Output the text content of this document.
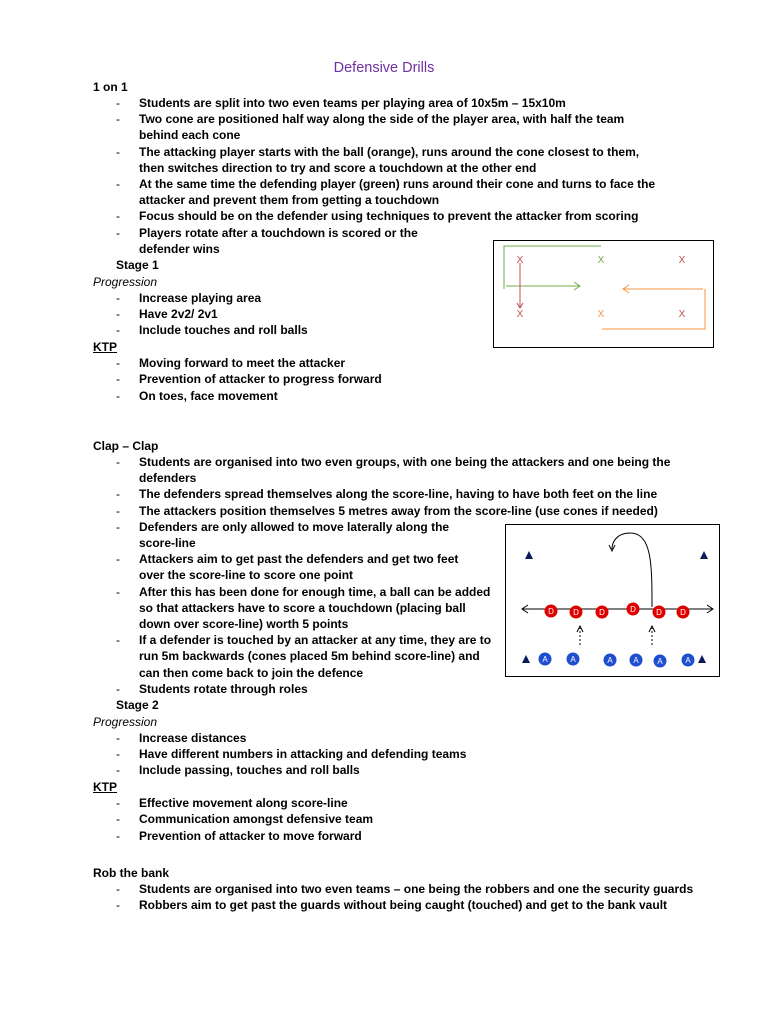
Defensive Drills
1 on 1
- Students are split into two even teams per playing area of 10x5m – 15x10m
- Two cone are positioned half way along the side of the player area, with half the team behind each cone
- The attacking player starts with the ball (orange), runs around the cone closest to them, then switches direction to try and score a touchdown at the other end
- At the same time the defending player (green) runs around their cone and turns to face the attacker and prevent them from getting a touchdown
- Focus should be on the defender using techniques to prevent the attacker from scoring
- Players rotate after a touchdown is scored or the defender wins
Stage 1
Progression
- Increase playing area
- Have 2v2/ 2v1
- Include touches and roll balls
KTP
- Moving forward to meet the attacker
- Prevention of attacker to progress forward
- On toes, face movement
X	X	X
X	X	X
Clap – Clap
- Students are organised into two even groups, with one being the attackers and one being the defenders
- The defenders spread themselves along the score-line, having to have both feet on the line
- The attackers position themselves 5 metres away from the score-line (use cones if needed)
- Defenders are only allowed to move laterally along the score-line
- Attackers aim to get past the defenders and get two feet over the score-line to score one point
- After this has been done for enough time, a ball can be added so that attackers have to score a touchdown (placing ball down over score-line) worth 5 points
- If a defender is touched by an attacker at any time, they are to run 5m backwards (cones placed 5m behind score-line) and can then come back to join the defence
- Students rotate through roles
Stage 2
Progression
- Increase distances
- Have different numbers in attacking and defending teams
- Include passing, touches and roll balls
KTP
- Effective movement along score-line
- Communication amongst defensive team
- Prevention of attacker to move forward
D D	D	D	D D
A	A	A	A A	A
Rob the bank
- Students are organised into two even teams – one being the robbers and one the security guards
- Robbers aim to get past the guards without being caught (touched) and get to the bank vault
